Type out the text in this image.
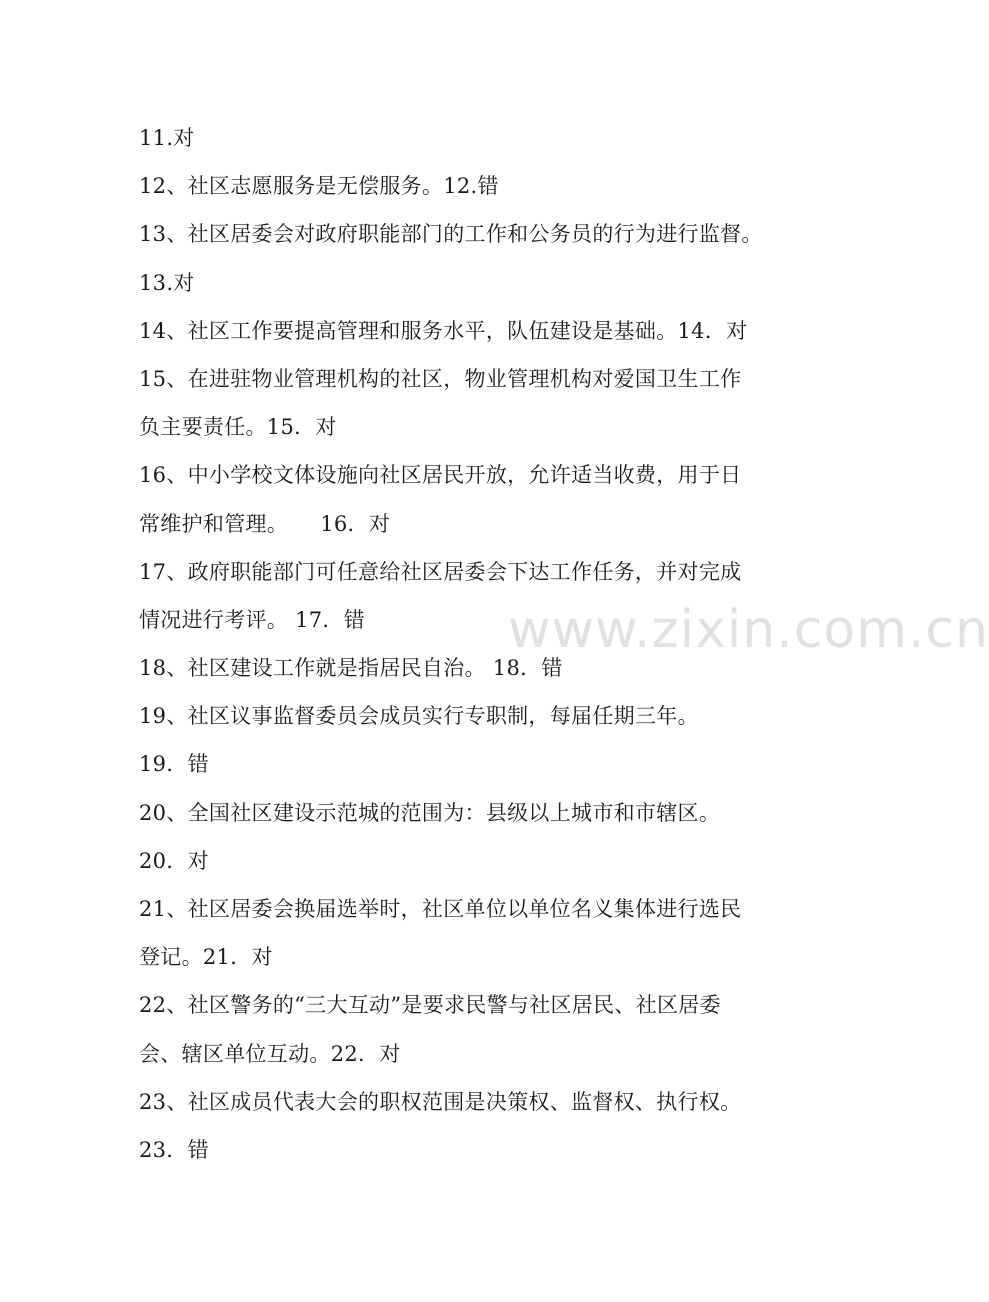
11.对
12、社区志愿服务是无偿服务。12.错
13、社区居委会对政府职能部门的工作和公务员的行为进行监督。
13.对
14、社区工作要提高管理和服务水平，队伍建设是基础。14．对
15、在进驻物业管理机构的社区，物业管理机构对爱国卫生工作
负主要责任。15．对
16、中小学校文体设施向社区居民开放，允许适当收费，用于日
常维护和管理。　　16．对
17、政府职能部门可任意给社区居委会下达工作任务，并对完成
情况进行考评。 17．错
18、社区建设工作就是指居民自治。 18．错
19、社区议事监督委员会成员实行专职制，每届任期三年。
19．错
20、全国社区建设示范城的范围为：县级以上城市和市辖区。
20．对
21、社区居委会换届选举时，社区单位以单位名义集体进行选民
登记。21．对
22、社区警务的“三大互动”是要求民警与社区居民、社区居委
会、辖区单位互动。22．对
23、社区成员代表大会的职权范围是决策权、监督权、执行权。
23．错
www.zixin.com.cn
